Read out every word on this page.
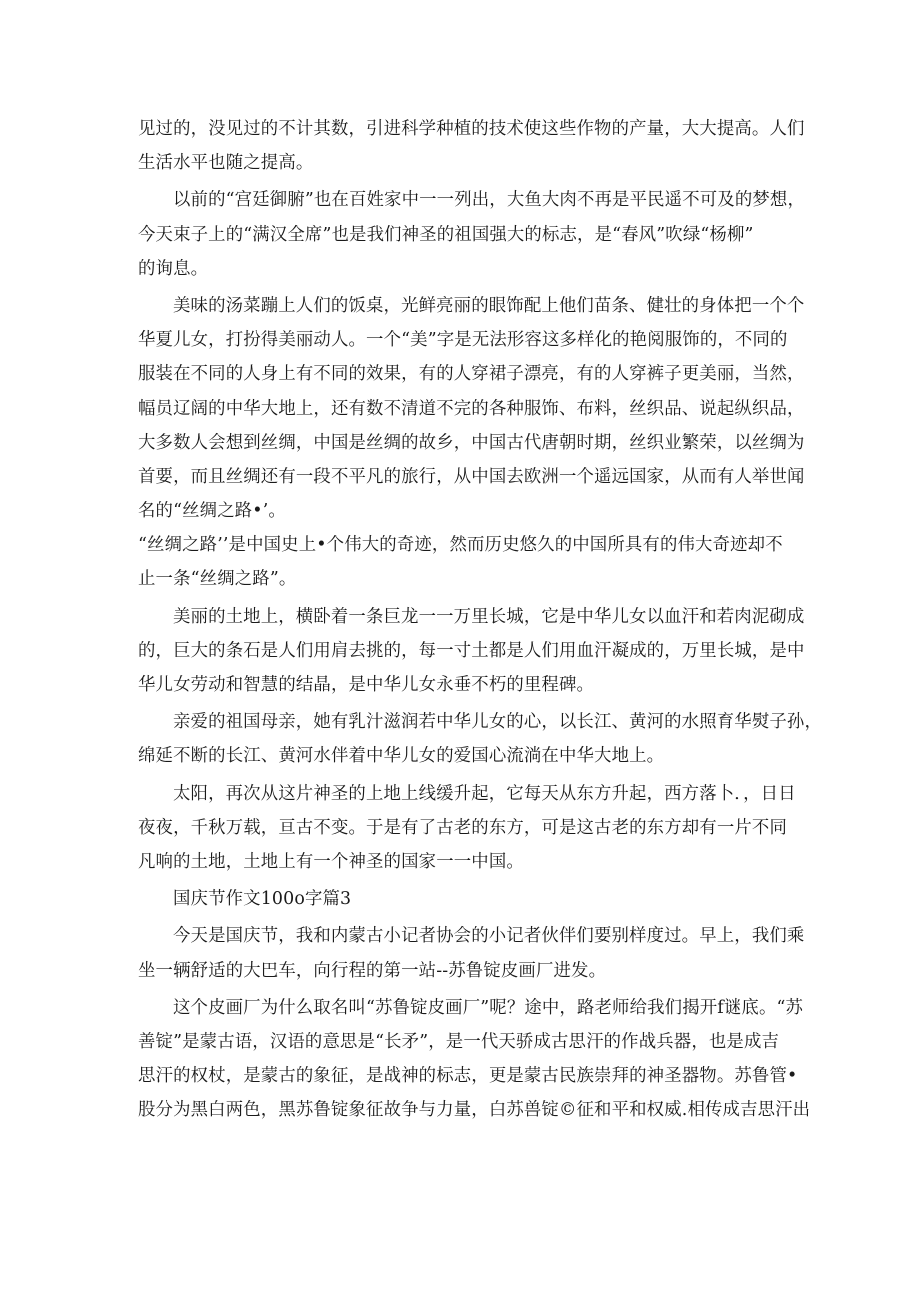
见过的，没见过的不计其数，引进科学种植的技术使这些作物的产量，大大提高。人们
生活水平也随之提高。
以前的“宫廷御腑”也在百姓家中一一列出，大鱼大肉不再是平民遥不可及的梦想，
今天束子上的“满汉全席”也是我们神圣的祖国强大的标志，是“春风”吹绿“杨柳”
的询息。
美味的汤菜蹦上人们的饭桌，光鲜亮丽的眼饰配上他们苗条、健壮的身体把一个个
华夏儿女，打扮得美丽动人。一个“美”字是无法形容这多样化的艳阅服饰的，不同的
服装在不同的人身上有不同的效果，有的人穿裙子漂亮，有的人穿裤子更美丽，当然，
幅员辽阔的中华大地上，还有数不清道不完的各种服饰、布料，丝织品、说起纵织品，
大多数人会想到丝绸，中国是丝绸的故乡，中国古代唐朝时期，丝织业繁荣，以丝绸为
首要，而且丝绸还有一段不平凡的旅行，从中国去欧洲一个遥远国家，从而有人举世闻
名的“丝绸之路•’。
“丝绸之路’’是中国史上•个伟大的奇迹，然而历史悠久的中国所具有的伟大奇迹却不
止一条“丝绸之路”。
美丽的土地上，横卧着一条巨龙一一万里长城，它是中华儿女以血汗和若肉泥砌成
的，巨大的条石是人们用肩去挑的，每一寸土都是人们用血汗凝成的，万里长城，是中
华儿女劳动和智慧的结晶，是中华儿女永垂不朽的里程碑。
亲爱的祖国母亲，她有乳汁滋润若中华儿女的心，以长江、黄河的水照育华熨子孙，
绵延不断的长江、黄河水伴着中华儿女的爱国心流淌在中华大地上。
太阳，再次从这片神圣的上地上线缓升起，它每天从东方升起，西方落卜．，日日
夜夜，千秋万载，亘古不变。于是有了古老的东方，可是这古老的东方却有一片不同
凡响的土地，土地上有一个神圣的国家一一中国。
国庆节作文100o字篇3
今天是国庆节，我和内蒙古小记者协会的小记者伙伴们要别样度过。早上，我们乘
坐一辆舒适的大巴车，向行程的第一站--苏鲁锭皮画厂进发。
这个皮画厂为什么取名叫“苏鲁锭皮画厂”呢？途中，路老师给我们揭开f谜底。“苏
善锭”是蒙古语，汉语的意思是“长矛”，是一代天骄成古思汗的作战兵器，也是成吉
思汗的权杖，是蒙古的象征，是战神的标志，更是蒙古民族崇拜的神圣器物。苏鲁管•
股分为黑白两色，黑苏鲁锭象征故争与力量，白苏兽锭©征和平和权威.相传成吉思汗出
